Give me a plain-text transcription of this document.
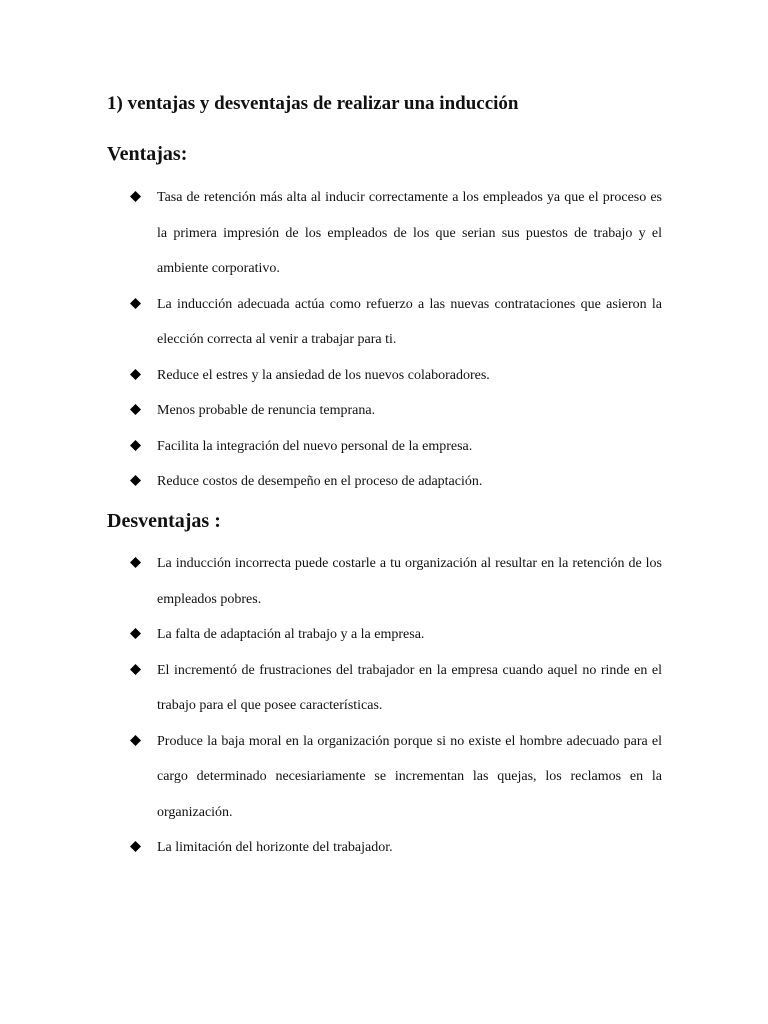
1) ventajas y desventajas de realizar una inducción
Ventajas:
Tasa de retención más alta al inducir correctamente a los empleados ya que el proceso es la primera impresión de los empleados de los que serian sus puestos de trabajo y el ambiente corporativo.
La inducción adecuada actúa como refuerzo a las nuevas contrataciones que asieron la elección correcta al venir a trabajar para ti.
Reduce el estres y la ansiedad de los nuevos colaboradores.
Menos probable de renuncia temprana.
Facilita la integración del nuevo personal de la empresa.
Reduce costos de desempeño en el proceso de adaptación.
Desventajas :
La inducción incorrecta puede costarle a tu organización al resultar en la retención de los empleados pobres.
La falta de adaptación al trabajo y a la empresa.
El incrementó de frustraciones del trabajador en la empresa cuando aquel no rinde en el trabajo para el que posee características.
Produce la baja moral en la organización porque si no existe el hombre adecuado para el cargo determinado necesiariamente se incrementan las quejas, los reclamos en la organización.
La limitación del horizonte del trabajador.
